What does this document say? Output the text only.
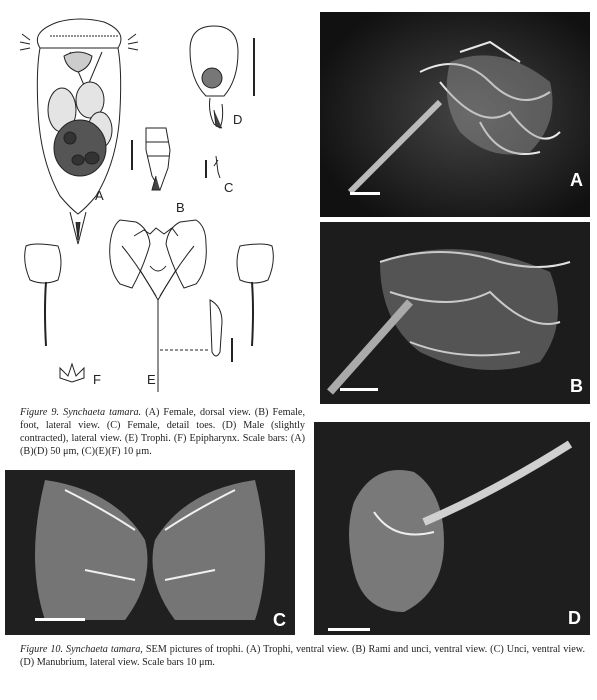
A
B
C
D
E
F
A
B
C	D
Figure 9. Synchaeta tamara. (A) Female, dorsal view. (B) Female, foot, lateral view. (C) Female, detail toes. (D) Male (slightly contracted), lateral view. (E) Trophi. (F) Epipharynx. Scale bars: (A)(B)(D) 50 μm, (C)(E)(F) 10 μm.
Figure 10. Synchaeta tamara, SEM pictures of trophi. (A) Trophi, ventral view. (B) Rami and unci, ventral view. (C) Unci, ventral view. (D) Manubrium, lateral view. Scale bars 10 μm.
